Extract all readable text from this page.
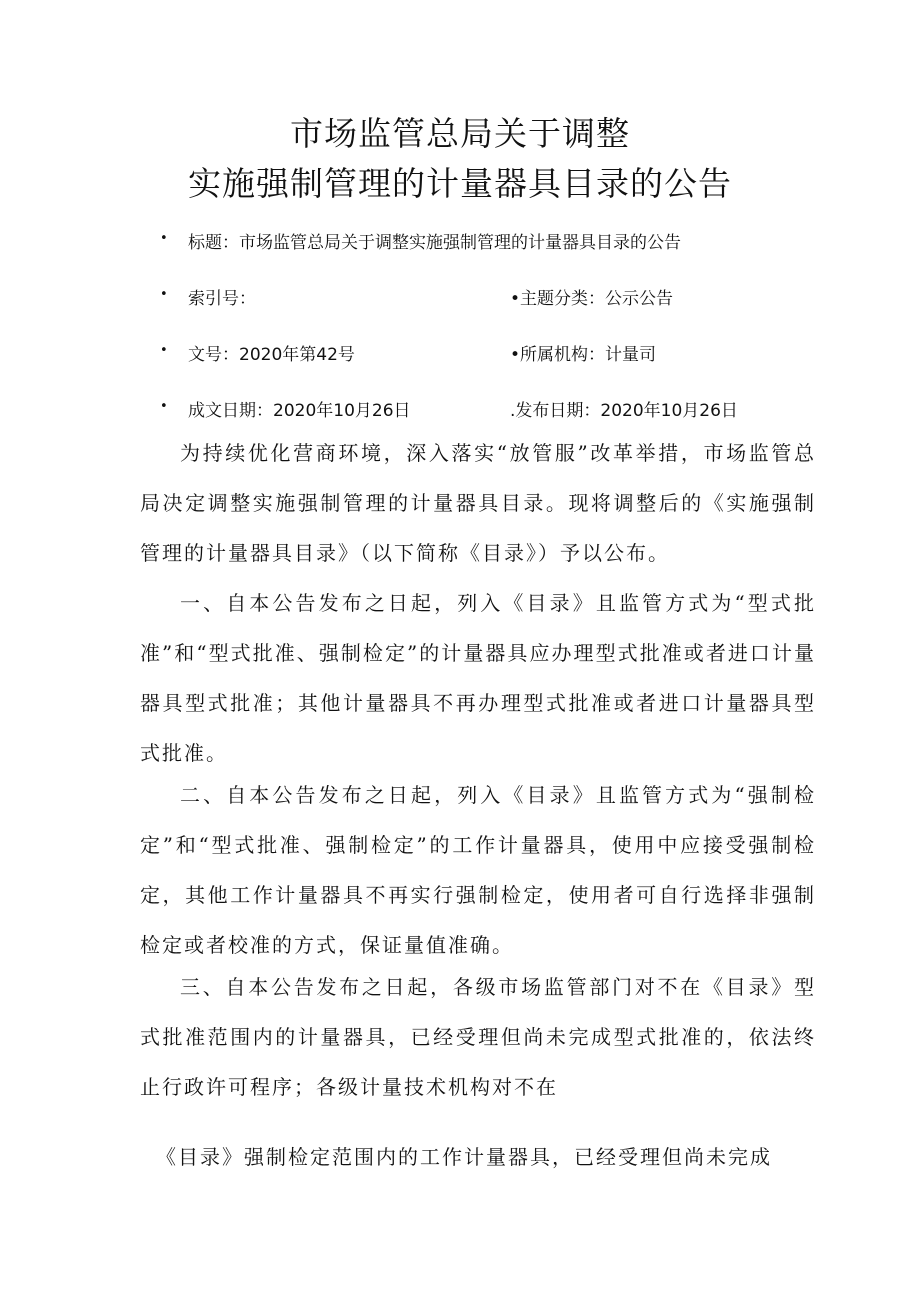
市场监管总局关于调整
实施强制管理的计量器具目录的公告
• 标题：市场监管总局关于调整实施强制管理的计量器具目录的公告
• 索引号：	•主题分类：公示公告
• 文号：2020年第42号	•所属机构：计量司
• 成文日期：2020年10月26日	.发布日期：2020年10月26日
为持续优化营商环境，深入落实“放管服”改革举措，市场监管总局决定调整实施强制管理的计量器具目录。现将调整后的《实施强制管理的计量器具目录》（以下简称《目录》）予以公布。
一、自本公告发布之日起，列入《目录》且监管方式为“型式批准”和“型式批准、强制检定”的计量器具应办理型式批准或者进口计量器具型式批准；其他计量器具不再办理型式批准或者进口计量器具型式批准。
二、自本公告发布之日起，列入《目录》且监管方式为“强制检定”和“型式批准、强制检定”的工作计量器具，使用中应接受强制检定，其他工作计量器具不再实行强制检定，使用者可自行选择非强制检定或者校准的方式，保证量值准确。
三、自本公告发布之日起，各级市场监管部门对不在《目录》型式批准范围内的计量器具，已经受理但尚未完成型式批准的，依法终止行政许可程序；各级计量技术机构对不在
《目录》强制检定范围内的工作计量器具，已经受理但尚未完成
